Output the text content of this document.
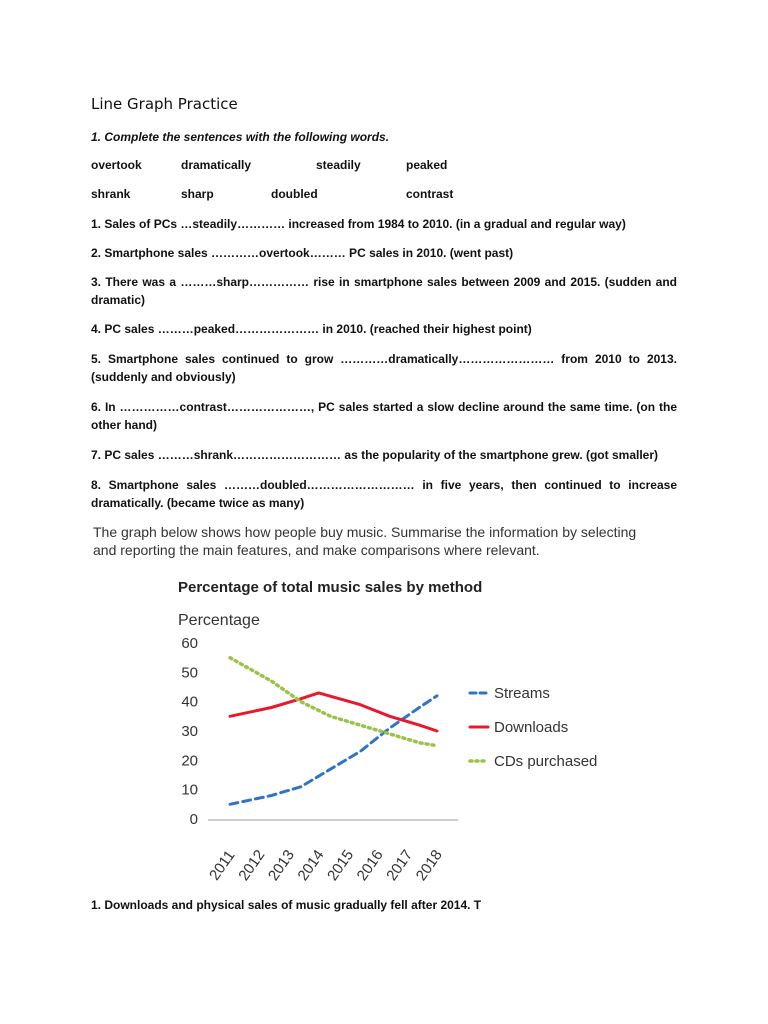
Line Graph Practice
1. Complete the sentences with the following words.
overtook	dramatically	steadily	peaked
shrank	sharp	doubled	contrast
1. Sales of PCs …steadily………… increased from 1984 to 2010. (in a gradual and regular way)
2. Smartphone sales …………overtook……… PC sales in 2010. (went past)
3. There was a ………sharp…………… rise in smartphone sales between 2009 and 2015. (sudden and dramatic)
4. PC sales ………peaked………………… in 2010. (reached their highest point)
5. Smartphone sales continued to grow …………dramatically…………………… from 2010 to 2013. (suddenly and obviously)
6. In ……………contrast…………………, PC sales started a slow decline around the same time. (on the other hand)
7. PC sales ………shrank……………………… as the popularity of the smartphone grew. (got smaller)
8. Smartphone sales ………doubled……………………… in five years, then continued to increase dramatically. (became twice as many)
The graph below shows how people buy music. Summarise the information by selecting and reporting the main features, and make comparisons where relevant.
Percentage of total music sales by method
Percentage
0
10
20
30
40
50
60
2011
2012
2013
2014
2015
2016
2017
2018
Streams
Downloads
CDs purchased
1. Downloads and physical sales of music gradually fell after 2014. T
